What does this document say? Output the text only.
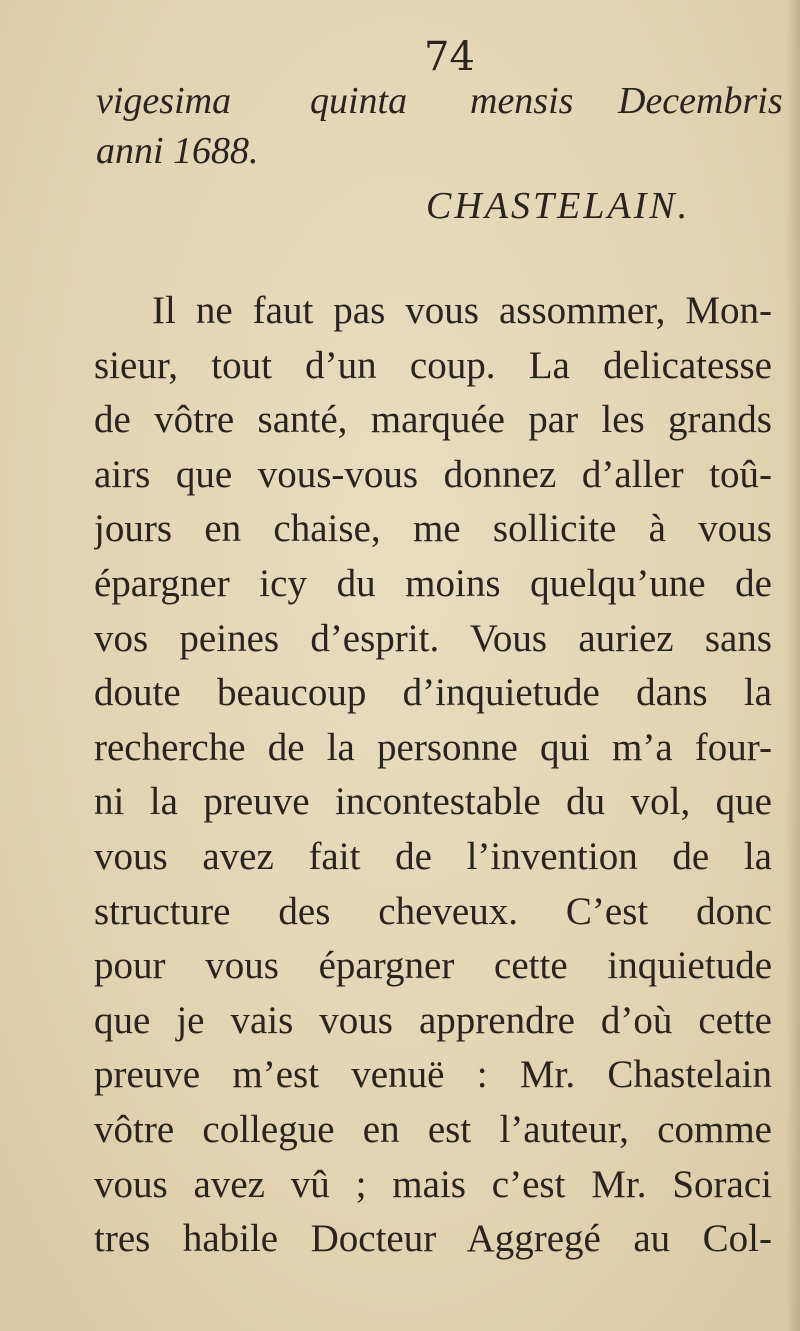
74
vigesima quinta mensis Decembris
anni 1688.
CHASTELAIN.
Il ne faut pas vous assommer, Mon-
sieur, tout d’un coup. La delicatesse
de vôtre santé, marquée par les grands
airs que vous-vous donnez d’aller toû-
jours en chaise, me sollicite à vous
épargner icy du moins quelqu’une de
vos peines d’esprit. Vous auriez sans
doute beaucoup d’inquietude dans la
recherche de la personne qui m’a four-
ni la preuve incontestable du vol, que
vous avez fait de l’invention de la
structure des cheveux. C’est donc
pour vous épargner cette inquietude
que je vais vous apprendre d’où cette
preuve m’est venuë : Mr. Chastelain
vôtre collegue en est l’auteur, comme
vous avez vû ; mais c’est Mr. Soraci
tres habile Docteur Aggregé au Col-
